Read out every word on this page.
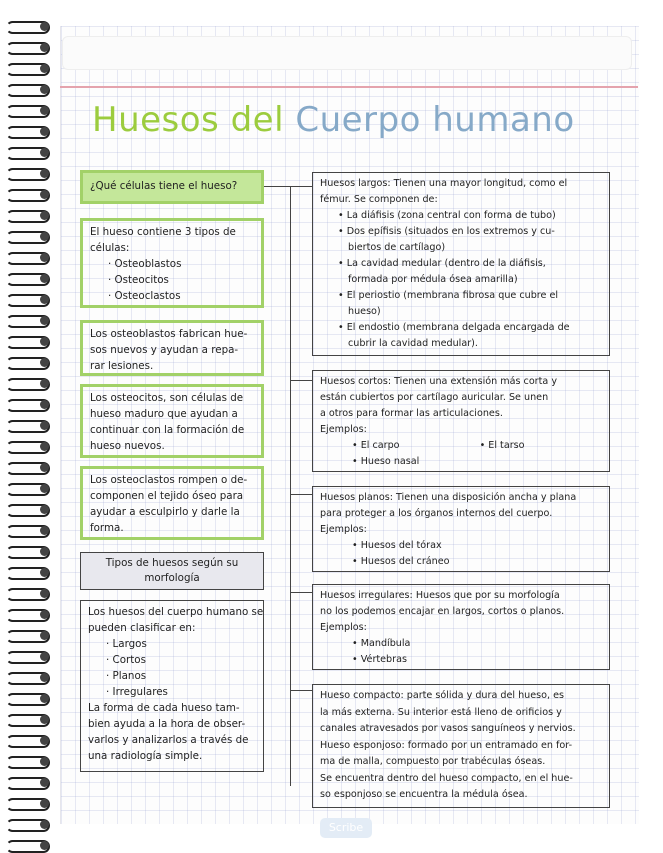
Huesos del Cuerpo humano
¿Qué células tiene el hueso?
El hueso contiene 3 tipos de
células:
· Osteoblastos
· Osteocitos
· Osteoclastos
Los osteoblastos fabrican hue-
sos nuevos y ayudan a repa-
rar lesiones.
Los osteocitos, son células de
hueso maduro que ayudan a
continuar con la formación de
hueso nuevos.
Los osteoclastos rompen o de-
componen el tejido óseo para
ayudar a esculpirlo y darle la
forma.
Tipos de huesos según su
morfología
Los huesos del cuerpo humano se
pueden clasificar en:
· Largos
· Cortos
· Planos
· Irregulares
La forma de cada hueso tam-
bien ayuda a la hora de obser-
varlos y analizarlos a través de
una radiología simple.
Huesos largos: Tienen una mayor longitud, como el
fémur. Se componen de:
• La diáfisis (zona central con forma de tubo)
• Dos epífisis (situados en los extremos y cu-
biertos de cartílago)
• La cavidad medular (dentro de la diáfisis,
formada por médula ósea amarilla)
• El periostio (membrana fibrosa que cubre el
hueso)
• El endostio (membrana delgada encargada de
cubrir la cavidad medular).
Huesos cortos: Tienen una extensión más corta y
están cubiertos por cartílago auricular. Se unen
a otros para formar las articulaciones.
Ejemplos:
• El carpo	• El tarso
• Hueso nasal
Huesos planos: Tienen una disposición ancha y plana
para proteger a los órganos internos del cuerpo.
Ejemplos:
• Huesos del tórax
• Huesos del cráneo
Huesos irregulares: Huesos que por su morfología
no los podemos encajar en largos, cortos o planos.
Ejemplos:
• Mandíbula
• Vértebras
Hueso compacto: parte sólida y dura del hueso, es
la más externa. Su interior está lleno de orificios y
canales atravesados por vasos sanguíneos y nervios.
Hueso esponjoso: formado por un entramado en for-
ma de malla, compuesto por trabéculas óseas.
Se encuentra dentro del hueso compacto, en el hue-
so esponjoso se encuentra la médula ósea.
Scribe
